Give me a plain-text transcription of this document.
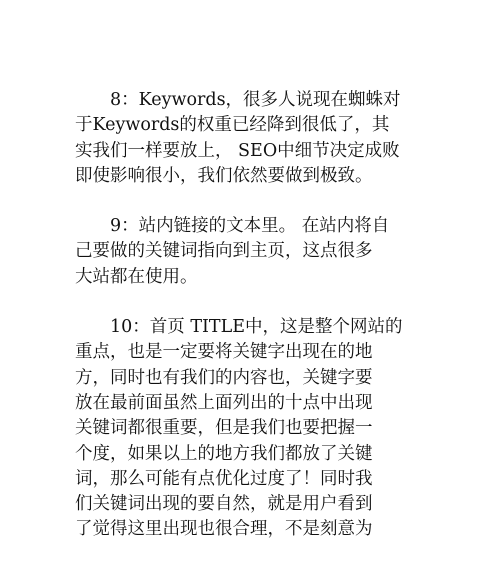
8：Keywords，很多人说现在蜘蛛对
于Keywords的权重已经降到很低了，其
实我们一样要放上， SEO中细节决定成败
即使影响很小，我们依然要做到极致。

9：站内链接的文本里。 在站内将自
己要做的关键词指向到主页，这点很多
大站都在使用。

10：首页 TITLE中，这是整个网站的
重点，也是一定要将关键字出现在的地
方，同时也有我们的内容也，关键字要
放在最前面虽然上面列出的十点中出现
关键词都很重要，但是我们也要把握一
个度，如果以上的地方我们都放了关键
词，那么可能有点优化过度了！同时我
们关键词出现的要自然，就是用户看到
了觉得这里出现也很合理，不是刻意为
